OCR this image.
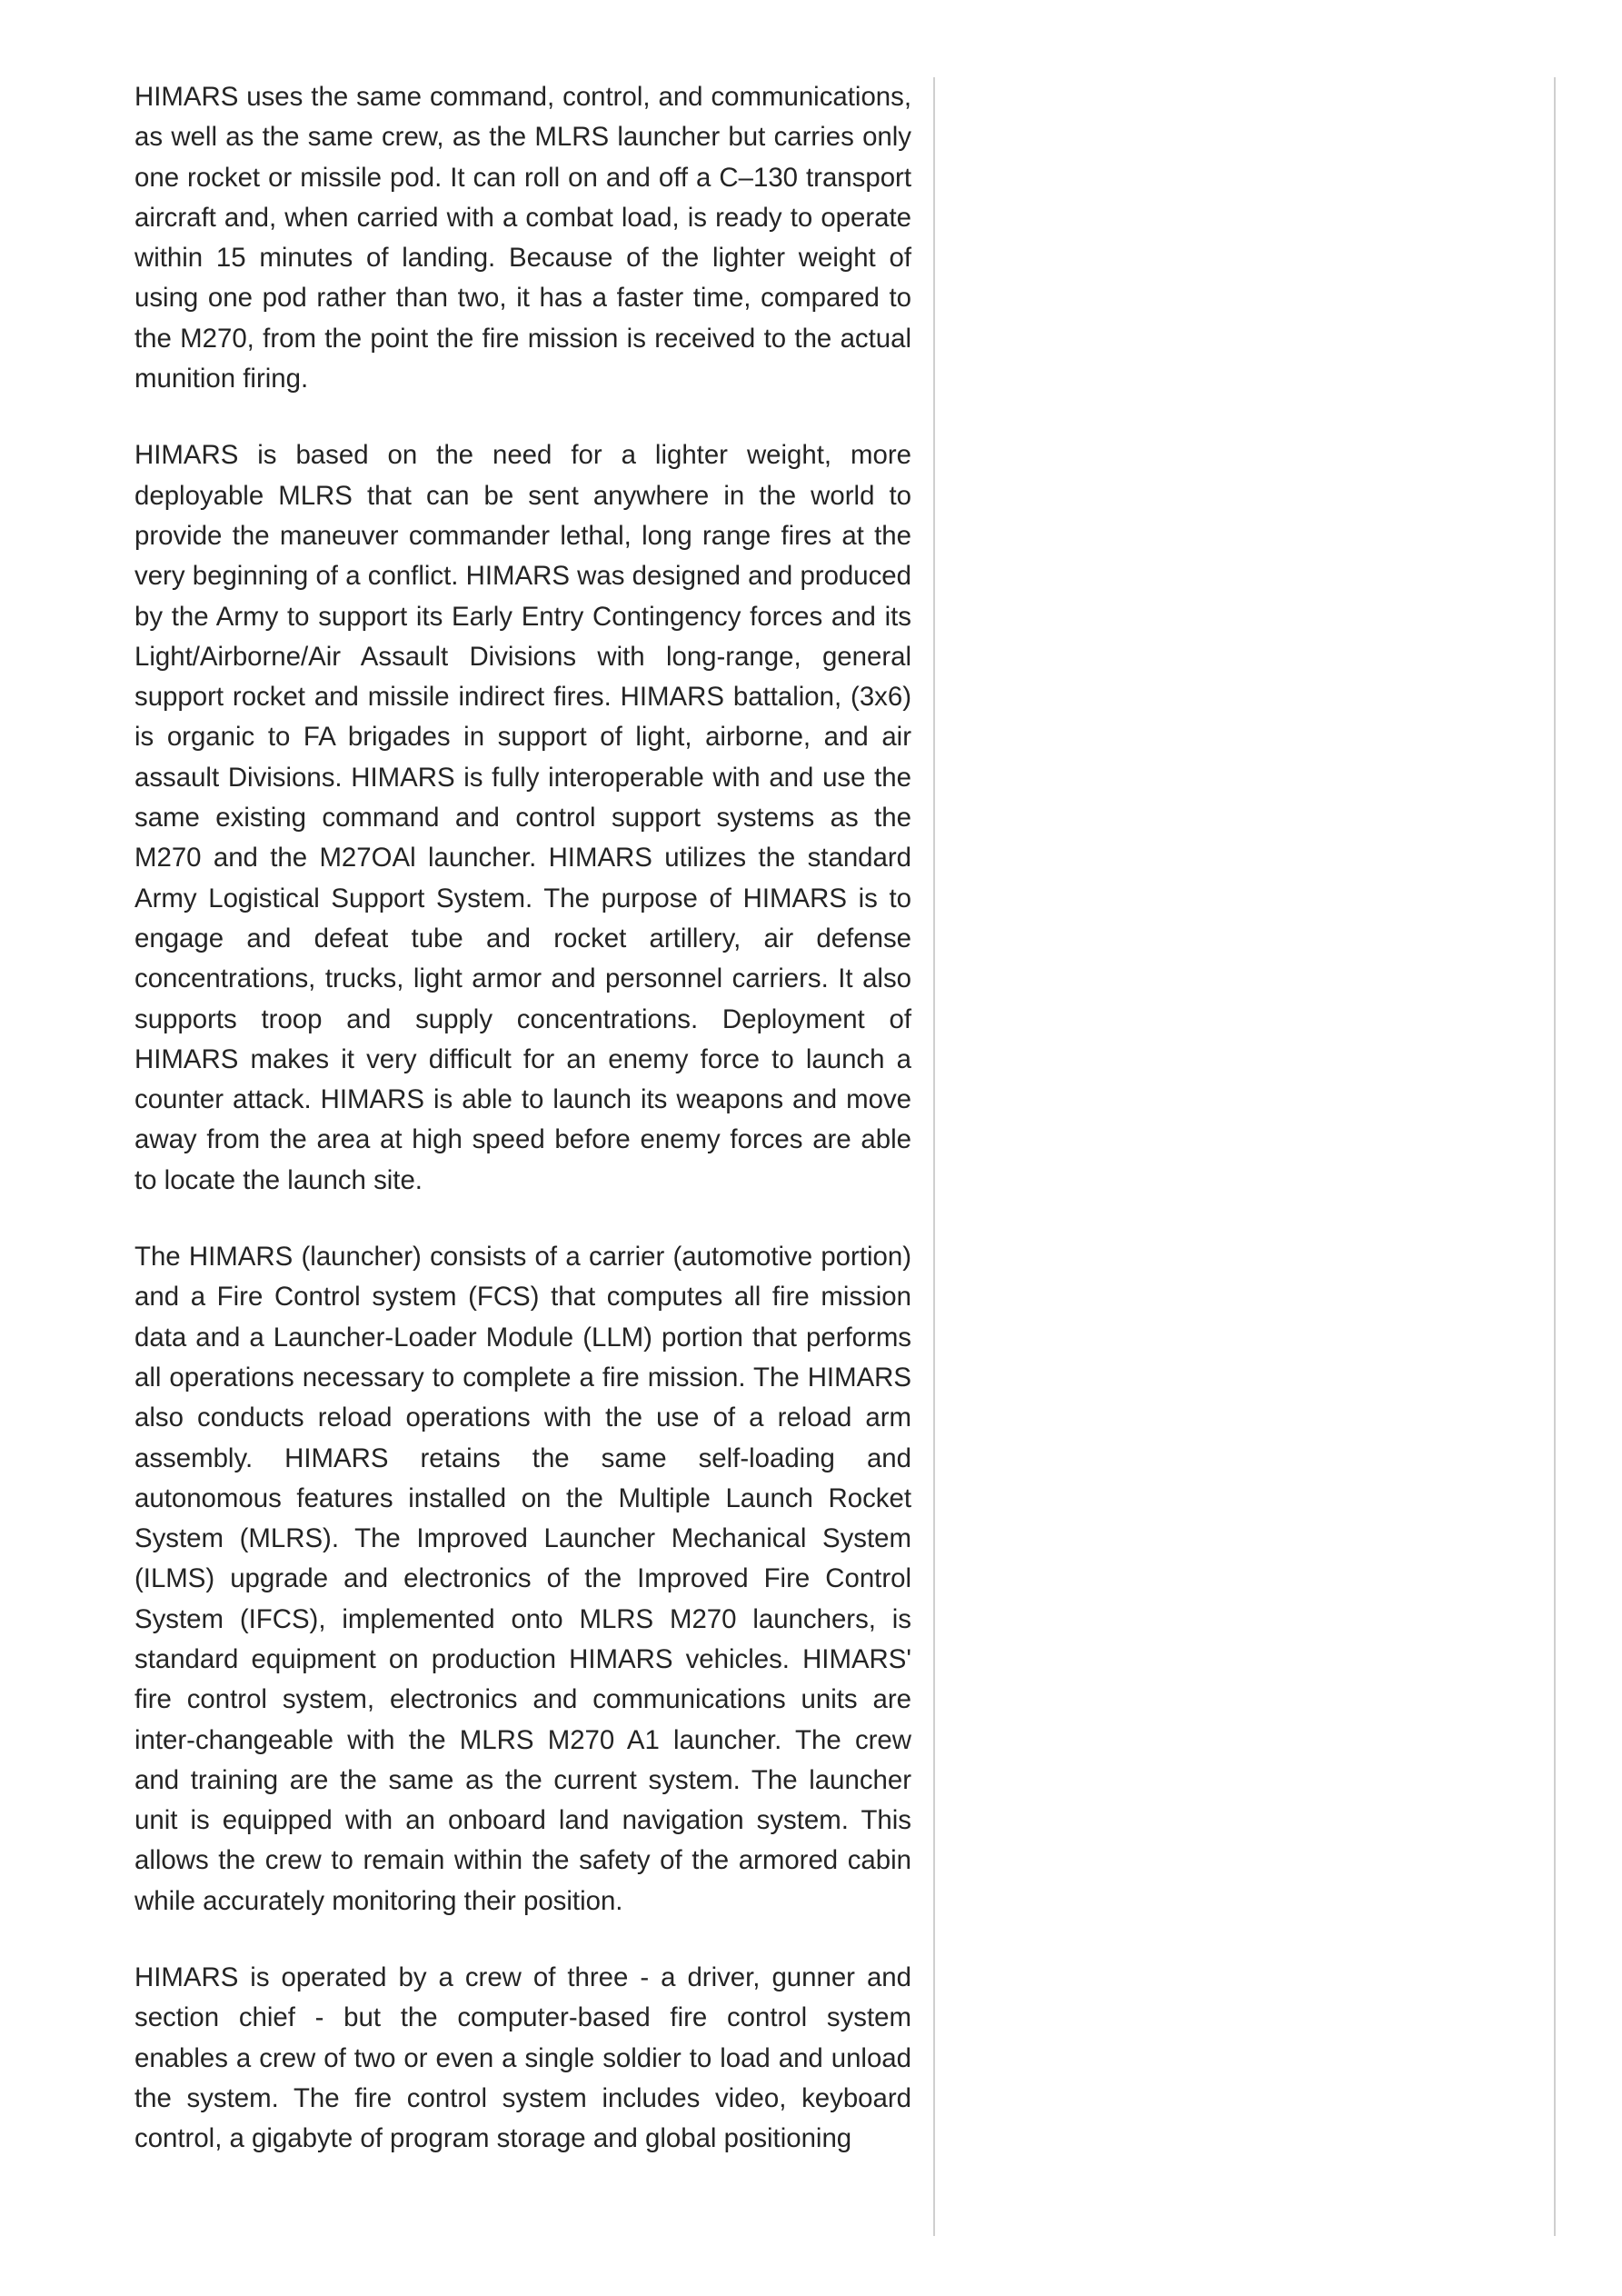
HIMARS uses the same command, control, and communications, as well as the same crew, as the MLRS launcher but carries only one rocket or missile pod. It can roll on and off a C–130 transport aircraft and, when carried with a combat load, is ready to operate within 15 minutes of landing. Because of the lighter weight of using one pod rather than two, it has a faster time, compared to the M270, from the point the fire mission is received to the actual munition firing.

HIMARS is based on the need for a lighter weight, more deployable MLRS that can be sent anywhere in the world to provide the maneuver commander lethal, long range fires at the very beginning of a conflict. HIMARS was designed and produced by the Army to support its Early Entry Contingency forces and its Light/Airborne/Air Assault Divisions with long-range, general support rocket and missile indirect fires. HIMARS battalion, (3x6) is organic to FA brigades in support of light, airborne, and air assault Divisions. HIMARS is fully interoperable with and use the same existing command and control support systems as the M270 and the M27OAl launcher. HIMARS utilizes the standard Army Logistical Support System. The purpose of HIMARS is to engage and defeat tube and rocket artillery, air defense concentrations, trucks, light armor and personnel carriers. It also supports troop and supply concentrations. Deployment of HIMARS makes it very difficult for an enemy force to launch a counter attack. HIMARS is able to launch its weapons and move away from the area at high speed before enemy forces are able to locate the launch site.

The HIMARS (launcher) consists of a carrier (automotive portion) and a Fire Control system (FCS) that computes all fire mission data and a Launcher-Loader Module (LLM) portion that performs all operations necessary to complete a fire mission. The HIMARS also conducts reload operations with the use of a reload arm assembly. HIMARS retains the same self-loading and autonomous features installed on the Multiple Launch Rocket System (MLRS). The Improved Launcher Mechanical System (ILMS) upgrade and electronics of the Improved Fire Control System (IFCS), implemented onto MLRS M270 launchers, is standard equipment on production HIMARS vehicles. HIMARS' fire control system, electronics and communications units are inter-changeable with the MLRS M270 A1 launcher. The crew and training are the same as the current system. The launcher unit is equipped with an onboard land navigation system. This allows the crew to remain within the safety of the armored cabin while accurately monitoring their position.

HIMARS is operated by a crew of three - a driver, gunner and section chief - but the computer-based fire control system enables a crew of two or even a single soldier to load and unload the system. The fire control system includes video, keyboard control, a gigabyte of program storage and global positioning
